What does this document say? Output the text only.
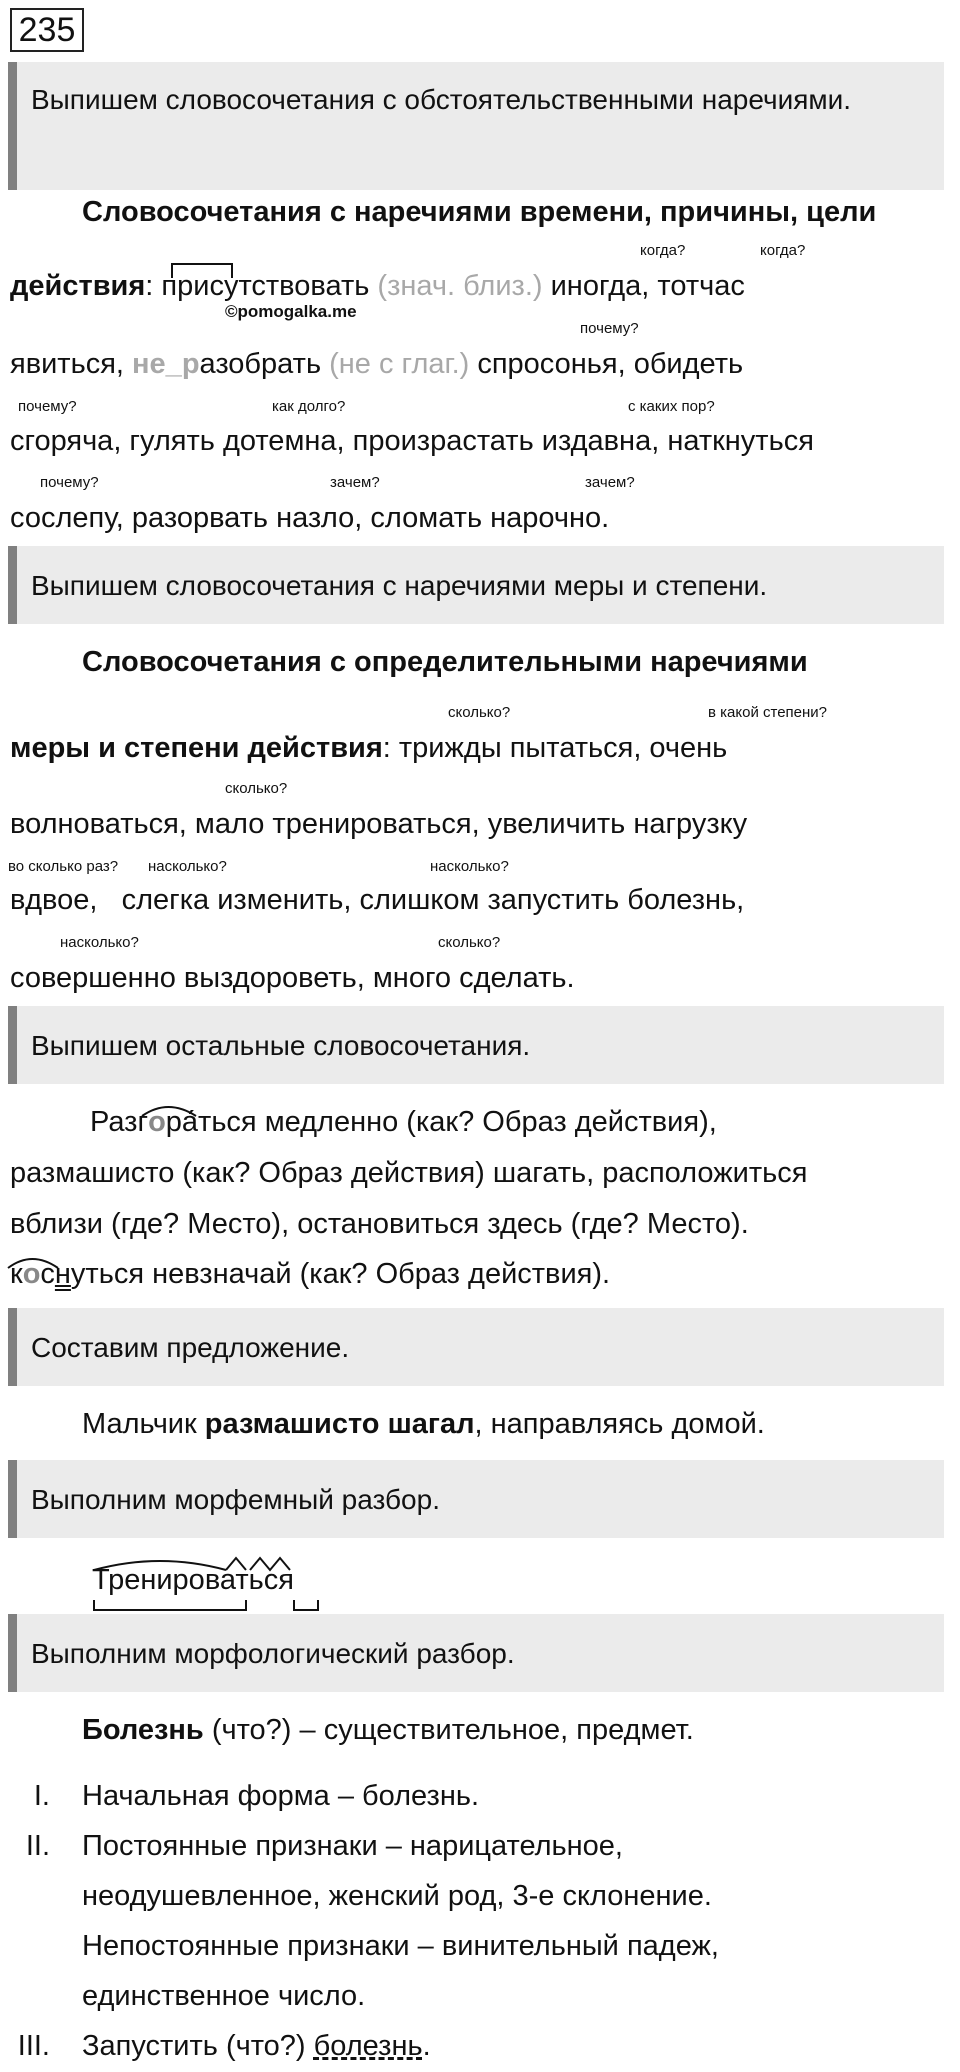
235
Выпишем словосочетания с обстоятельственными наречиями.
Словосочетания с наречиями времени, причины, цели
когда?	когда?
действия: присутствовать (знач. близ.) иногда, тотчас
©pomogalka.me
почему?
явиться, не_разобрать (не с глаг.) спросонья, обидеть
почему?	как долго?	с каких пор?
сгоряча, гулять дотемна, произрастать издавна, наткнуться
почему?	зачем?	зачем?
сослепу, разорвать назло, сломать нарочно.
Выпишем словосочетания с наречиями меры и степени.
Словосочетания с определительными наречиями
сколько?	в какой степени?
меры и степени действия: трижды пытаться, очень
сколько?
волноваться, мало тренироваться, увеличить нагрузку
во сколько раз? насколько?	насколько?
вдвое,   слегка изменить, слишком запустить болезнь,
насколько?	сколько?
совершенно выздороветь, много сделать.
Выпишем остальные словосочетания.
Разгора́ться медленно (как? Образ действия),
размашисто (как? Образ действия) шагать, расположиться
вблизи (где? Место), остановиться здесь (где? Место).
коснуться невзначай (как? Образ действия).
Составим предложение.
Мальчик размашисто шагал, направляясь домой.
Выполним морфемный разбор.
Тренироваться
Выполним морфологический разбор.
Болезнь (что?) – существительное, предмет.
I. Начальная форма – болезнь.
II. Постоянные признаки – нарицательное,
неодушевленное, женский род, 3-е склонение.
Непостоянные признаки – винительный падеж,
единственное число.
III. Запустить (что?) болезнь.
